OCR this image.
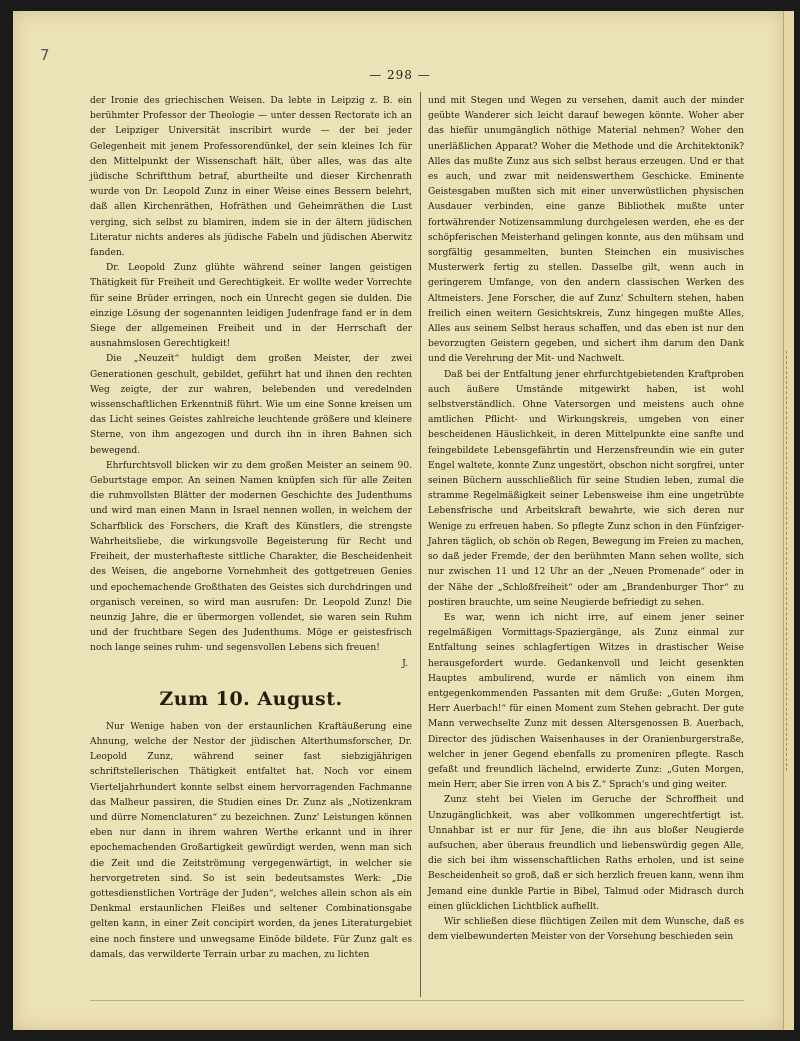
7
— 298 —

der Ironie des griechischen Weisen. Da lebte in Leipzig z. B. ein berühmter Professor der Theologie — unter dessen Rectorate ich an der Leipziger Universität inscribirt wurde — der bei jeder Gelegenheit mit jenem Professorendünkel, der sein kleines Ich für den Mittelpunkt der Wissenschaft hält, über alles, was das alte jüdische Schriftthum betraf, aburtheilte und dieser Kirchenrath wurde von Dr. Leopold Zunz in einer Weise eines Bessern belehrt, daß allen Kirchenräthen, Hofräthen und Geheimräthen die Lust verging, sich selbst zu blamiren, indem sie in der ältern jüdischen Literatur nichts anderes als jüdische Fabeln und jüdischen Aberwitz fanden.

Dr. Leopold Zunz glühte während seiner langen geistigen Thätigkeit für Freiheit und Gerechtigkeit. Er wollte weder Vorrechte für seine Brüder erringen, noch ein Unrecht gegen sie dulden. Die einzige Lösung der sogenannten leidigen Judenfrage fand er in dem Siege der allgemeinen Freiheit und in der Herrschaft der ausnahmslosen Gerechtigkeit!

Die „Neuzeit“ huldigt dem großen Meister, der zwei Generationen geschult, gebildet, geführt hat und ihnen den rechten Weg zeigte, der zur wahren, belebenden und veredelnden wissenschaftlichen Erkenntniß führt. Wie um eine Sonne kreisen um das Licht seines Geistes zahlreiche leuchtende größere und kleinere Sterne, von ihm angezogen und durch ihn in ihren Bahnen sich bewegend.

Ehrfurchtsvoll blicken wir zu dem großen Meister an seinem 90. Geburtstage empor. An seinen Namen knüpfen sich für alle Zeiten die ruhmvollsten Blätter der modernen Geschichte des Judenthums und wird man einen Mann in Israel nennen wollen, in welchem der Scharfblick des Forschers, die Kraft des Künstlers, die strengste Wahrheitsliebe, die wirkungsvolle Begeisterung für Recht und Freiheit, der musterhafteste sittliche Charakter, die Bescheidenheit des Weisen, die angeborne Vornehmheit des gottgetreuen Genies und epochemachende Großthaten des Geistes sich durchdringen und organisch vereinen, so wird man ausrufen: Dr. Leopold Zunz! Die neunzig Jahre, die er übermorgen vollendet, sie waren sein Ruhm und der fruchtbare Segen des Judenthums. Möge er geistesfrisch noch lange seines ruhm- und segensvollen Lebens sich freuen!

J.

Zum 10. August.

Nur Wenige haben von der erstaunlichen Kraftäußerung eine Ahnung, welche der Nestor der jüdischen Alterthumsforscher, Dr. Leopold Zunz, während seiner fast siebzigjährigen schriftstellerischen Thätigkeit entfaltet hat. Noch vor einem Vierteljahrhundert konnte selbst einem hervorragenden Fachmanne das Malheur passiren, die Studien eines Dr. Zunz als „Notizenkram und dürre Nomenclaturen“ zu bezeichnen. Zunz' Leistungen können eben nur dann in ihrem wahren Werthe erkannt und in ihrer epochemachenden Großartigkeit gewürdigt werden, wenn man sich die Zeit und die Zeitströmung vergegenwärtigt, in welcher sie hervorgetreten sind. So ist sein bedeutsamstes Werk: „Die gottesdienstlichen Vorträge der Juden“, welches allein schon als ein Denkmal erstaunlichen Fleißes und seltener Combinationsgabe gelten kann, in einer Zeit concipirt worden, da jenes Literaturgebiet eine noch finstere und unwegsame Einöde bildete. Für Zunz galt es damals, das verwilderte Terrain urbar zu machen, zu lichten

und mit Stegen und Wegen zu versehen, damit auch der minder geübte Wanderer sich leicht darauf bewegen könnte. Woher aber das hiefür unumgänglich nöthige Material nehmen? Woher den unerläßlichen Apparat? Woher die Methode und die Architektonik? Alles das mußte Zunz aus sich selbst heraus erzeugen. Und er that es auch, und zwar mit neidenswerthem Geschicke. Eminente Geistesgaben mußten sich mit einer unverwüstlichen physischen Ausdauer verbinden, eine ganze Bibliothek mußte unter fortwährender Notizensammlung durchgelesen werden, ehe es der schöpferischen Meisterhand gelingen konnte, aus den mühsam und sorgfältig gesammelten, bunten Steinchen ein musivisches Musterwerk fertig zu stellen. Dasselbe gilt, wenn auch in geringerem Umfange, von den andern classischen Werken des Altmeisters. Jene Forscher, die auf Zunz' Schultern stehen, haben freilich einen weitern Gesichtskreis, Zunz hingegen mußte Alles, Alles aus seinem Selbst heraus schaffen, und das eben ist nur den bevorzugten Geistern gegeben, und sichert ihm darum den Dank und die Verehrung der Mit- und Nachwelt.

Daß bei der Entfaltung jener ehrfurchtgebietenden Kraftproben auch äußere Umstände mitgewirkt haben, ist wohl selbstverständlich. Ohne Vatersorgen und meistens auch ohne amtlichen Pflicht- und Wirkungskreis, umgeben von einer bescheidenen Häuslichkeit, in deren Mittelpunkte eine sanfte und feingebildete Lebensgefährtin und Herzensfreundin wie ein guter Engel waltete, konnte Zunz ungestört, obschon nicht sorgfrei, unter seinen Büchern ausschließlich für seine Studien leben, zumal die stramme Regelmäßigkeit seiner Lebensweise ihm eine ungetrübte Lebensfrische und Arbeitskraft bewahrte, wie sich deren nur Wenige zu erfreuen haben. So pflegte Zunz schon in den Fünfziger-Jahren täglich, ob schön ob Regen, Bewegung im Freien zu machen, so daß jeder Fremde, der den berühmten Mann sehen wollte, sich nur zwischen 11 und 12 Uhr an der „Neuen Promenade“ oder in der Nähe der „Schloßfreiheit“ oder am „Brandenburger Thor“ zu postiren brauchte, um seine Neugierde befriedigt zu sehen.

Es war, wenn ich nicht irre, auf einem jener seiner regelmäßigen Vormittags-Spaziergänge, als Zunz einmal zur Entfaltung seines schlagfertigen Witzes in drastischer Weise herausgefordert wurde. Gedankenvoll und leicht gesenkten Hauptes ambulirend, wurde er nämlich von einem ihm entgegenkommenden Passanten mit dem Gruße: „Guten Morgen, Herr Auerbach!“ für einen Moment zum Stehen gebracht. Der gute Mann verwechselte Zunz mit dessen Altersgenossen B. Auerbach, Director des jüdischen Waisenhauses in der Oranienburgerstraße, welcher in jener Gegend ebenfalls zu promeniren pflegte. Rasch gefaßt und freundlich lächelnd, erwiderte Zunz: „Guten Morgen, mein Herr, aber Sie irren von A bis Z.“ Sprach's und ging weiter.

Zunz steht bei Vielen im Geruche der Schroffheit und Unzugänglichkeit, was aber vollkommen ungerechtfertigt ist. Unnahbar ist er nur für Jene, die ihn aus bloßer Neugierde aufsuchen, aber überaus freundlich und liebenswürdig gegen Alle, die sich bei ihm wissenschaftlichen Raths erholen, und ist seine Bescheidenheit so groß, daß er sich herzlich freuen kann, wenn ihm Jemand eine dunkle Partie in Bibel, Talmud oder Midrasch durch einen glücklichen Lichtblick aufhellt.

Wir schließen diese flüchtigen Zeilen mit dem Wunsche, daß es dem vielbewunderten Meister von der Vorsehung beschieden sein
